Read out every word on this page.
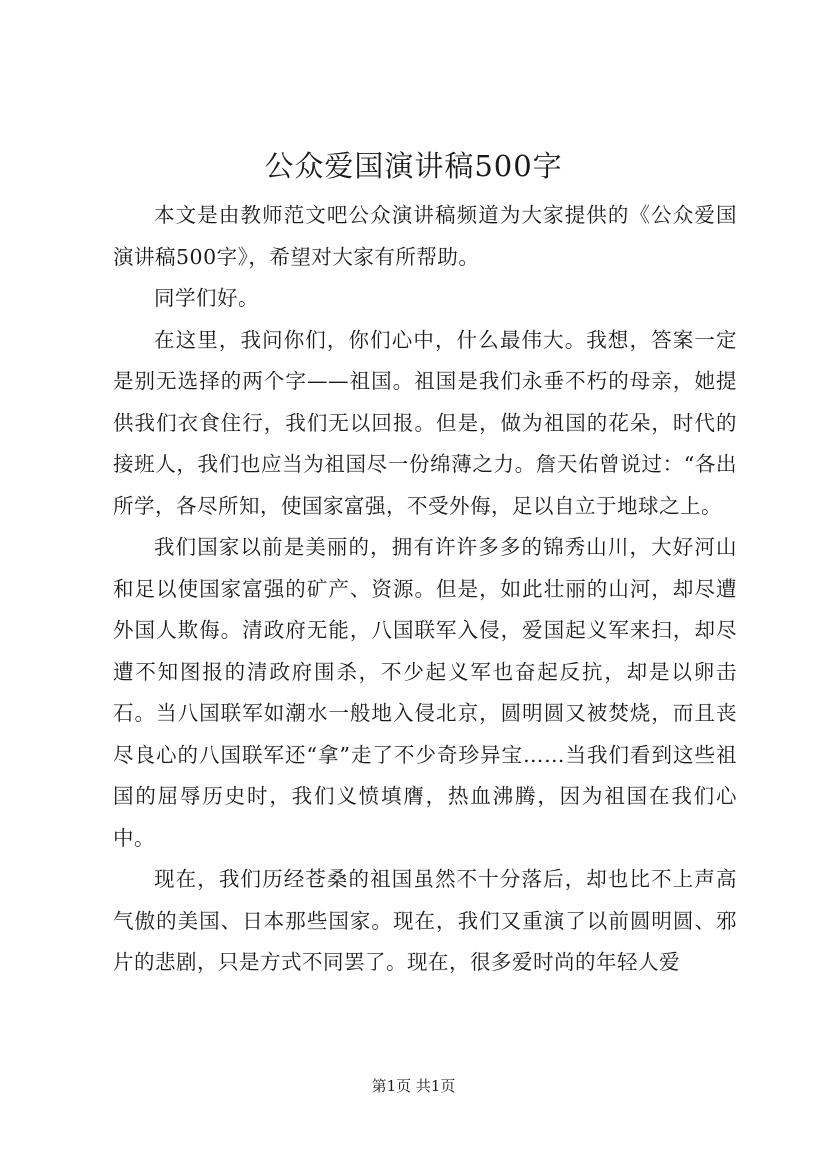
公众爱国演讲稿500字

本文是由教师范文吧公众演讲稿频道为大家提供的《公众爱国演讲稿500字》，希望对大家有所帮助。

同学们好。

在这里，我问你们，你们心中，什么最伟大。我想，答案一定是别无选择的两个字——祖国。祖国是我们永垂不朽的母亲，她提供我们衣食住行，我们无以回报。但是，做为祖国的花朵，时代的接班人，我们也应当为祖国尽一份绵薄之力。詹天佑曾说过：“各出所学，各尽所知，使国家富强，不受外侮，足以自立于地球之上。

我们国家以前是美丽的，拥有许许多多的锦秀山川，大好河山和足以使国家富强的矿产、资源。但是，如此壮丽的山河，却尽遭外国人欺侮。清政府无能，八国联军入侵，爱国起义军来扫，却尽遭不知图报的清政府围杀，不少起义军也奋起反抗，却是以卵击石。当八国联军如潮水一般地入侵北京，圆明圆又被焚烧，而且丧尽良心的八国联军还“拿”走了不少奇珍异宝……当我们看到这些祖国的屈辱历史时，我们义愤填膺，热血沸腾，因为祖国在我们心中。

现在，我们历经苍桑的祖国虽然不十分落后，却也比不上声高气傲的美国、日本那些国家。现在，我们又重演了以前圆明圆、邪片的悲剧，只是方式不同罢了。现在，很多爱时尚的年轻人爱

第1页 共1页
